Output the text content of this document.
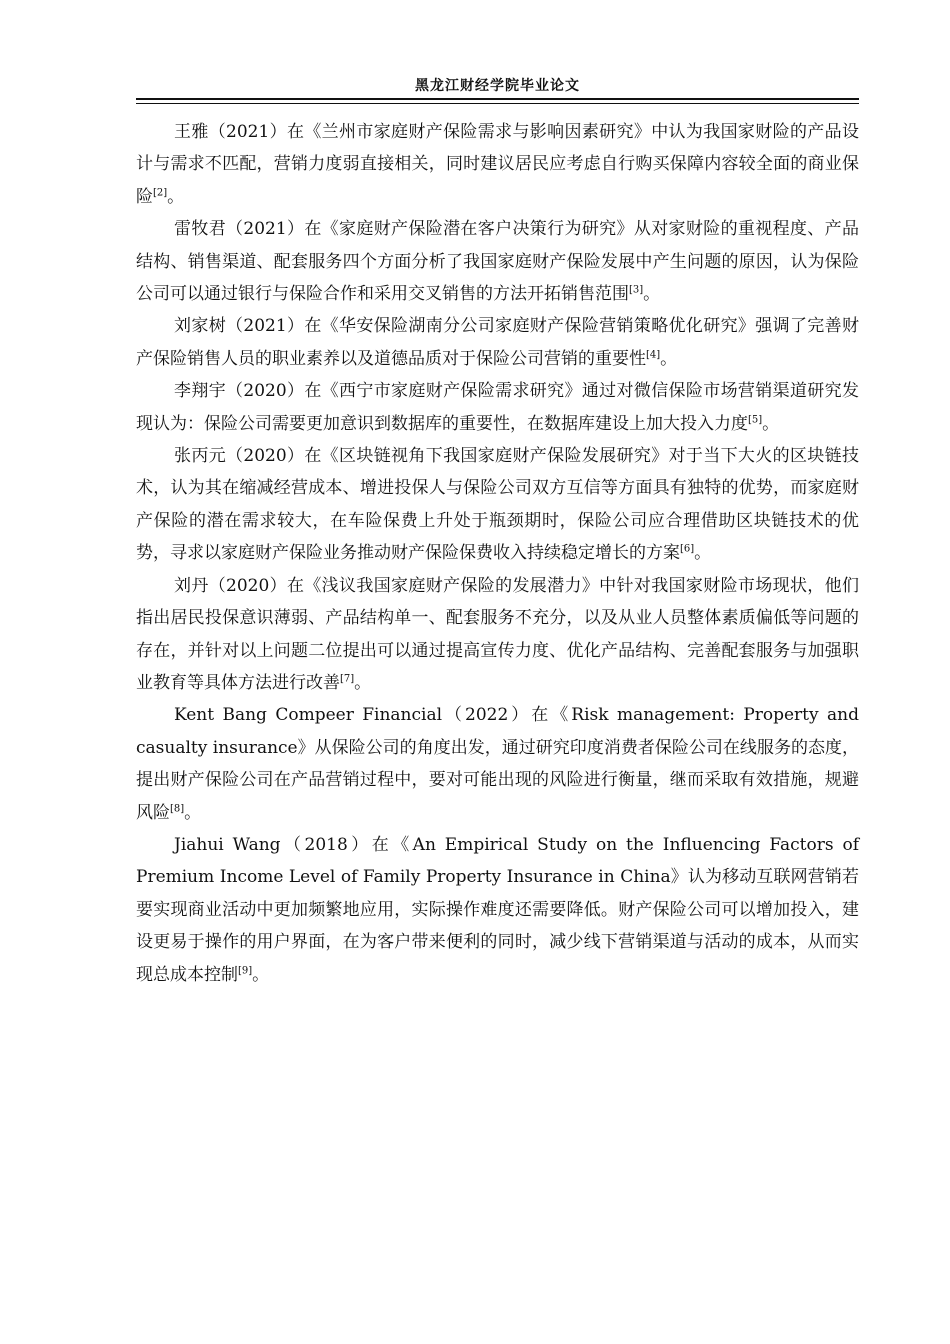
黑龙江财经学院毕业论文

王雅（2021）在《兰州市家庭财产保险需求与影响因素研究》中认为我国家财险的产品设计与需求不匹配，营销力度弱直接相关，同时建议居民应考虑自行购买保障内容较全面的商业保险[2]。

雷牧君（2021）在《家庭财产保险潜在客户决策行为研究》从对家财险的重视程度、产品结构、销售渠道、配套服务四个方面分析了我国家庭财产保险发展中产生问题的原因，认为保险公司可以通过银行与保险合作和采用交叉销售的方法开拓销售范围[3]。

刘家树（2021）在《华安保险湖南分公司家庭财产保险营销策略优化研究》强调了完善财产保险销售人员的职业素养以及道德品质对于保险公司营销的重要性[4]。

李翔宇（2020）在《西宁市家庭财产保险需求研究》通过对微信保险市场营销渠道研究发现认为：保险公司需要更加意识到数据库的重要性，在数据库建设上加大投入力度[5]。

张丙元（2020）在《区块链视角下我国家庭财产保险发展研究》对于当下大火的区块链技术，认为其在缩减经营成本、增进投保人与保险公司双方互信等方面具有独特的优势，而家庭财产保险的潜在需求较大，在车险保费上升处于瓶颈期时，保险公司应合理借助区块链技术的优势，寻求以家庭财产保险业务推动财产保险保费收入持续稳定增长的方案[6]。

刘丹（2020）在《浅议我国家庭财产保险的发展潜力》中针对我国家财险市场现状，他们指出居民投保意识薄弱、产品结构单一、配套服务不充分，以及从业人员整体素质偏低等问题的存在，并针对以上问题二位提出可以通过提高宣传力度、优化产品结构、完善配套服务与加强职业教育等具体方法进行改善[7]。

Kent Bang Compeer Financial（2022）在《Risk management: Property and casualty insurance》从保险公司的角度出发，通过研究印度消费者保险公司在线服务的态度，提出财产保险公司在产品营销过程中，要对可能出现的风险进行衡量，继而采取有效措施，规避风险[8]。

Jiahui Wang（2018）在《An Empirical Study on the Influencing Factors of Premium Income Level of Family Property Insurance in China》认为移动互联网营销若要实现商业活动中更加频繁地应用，实际操作难度还需要降低。财产保险公司可以增加投入，建设更易于操作的用户界面，在为客户带来便利的同时，减少线下营销渠道与活动的成本，从而实现总成本控制[9]。
